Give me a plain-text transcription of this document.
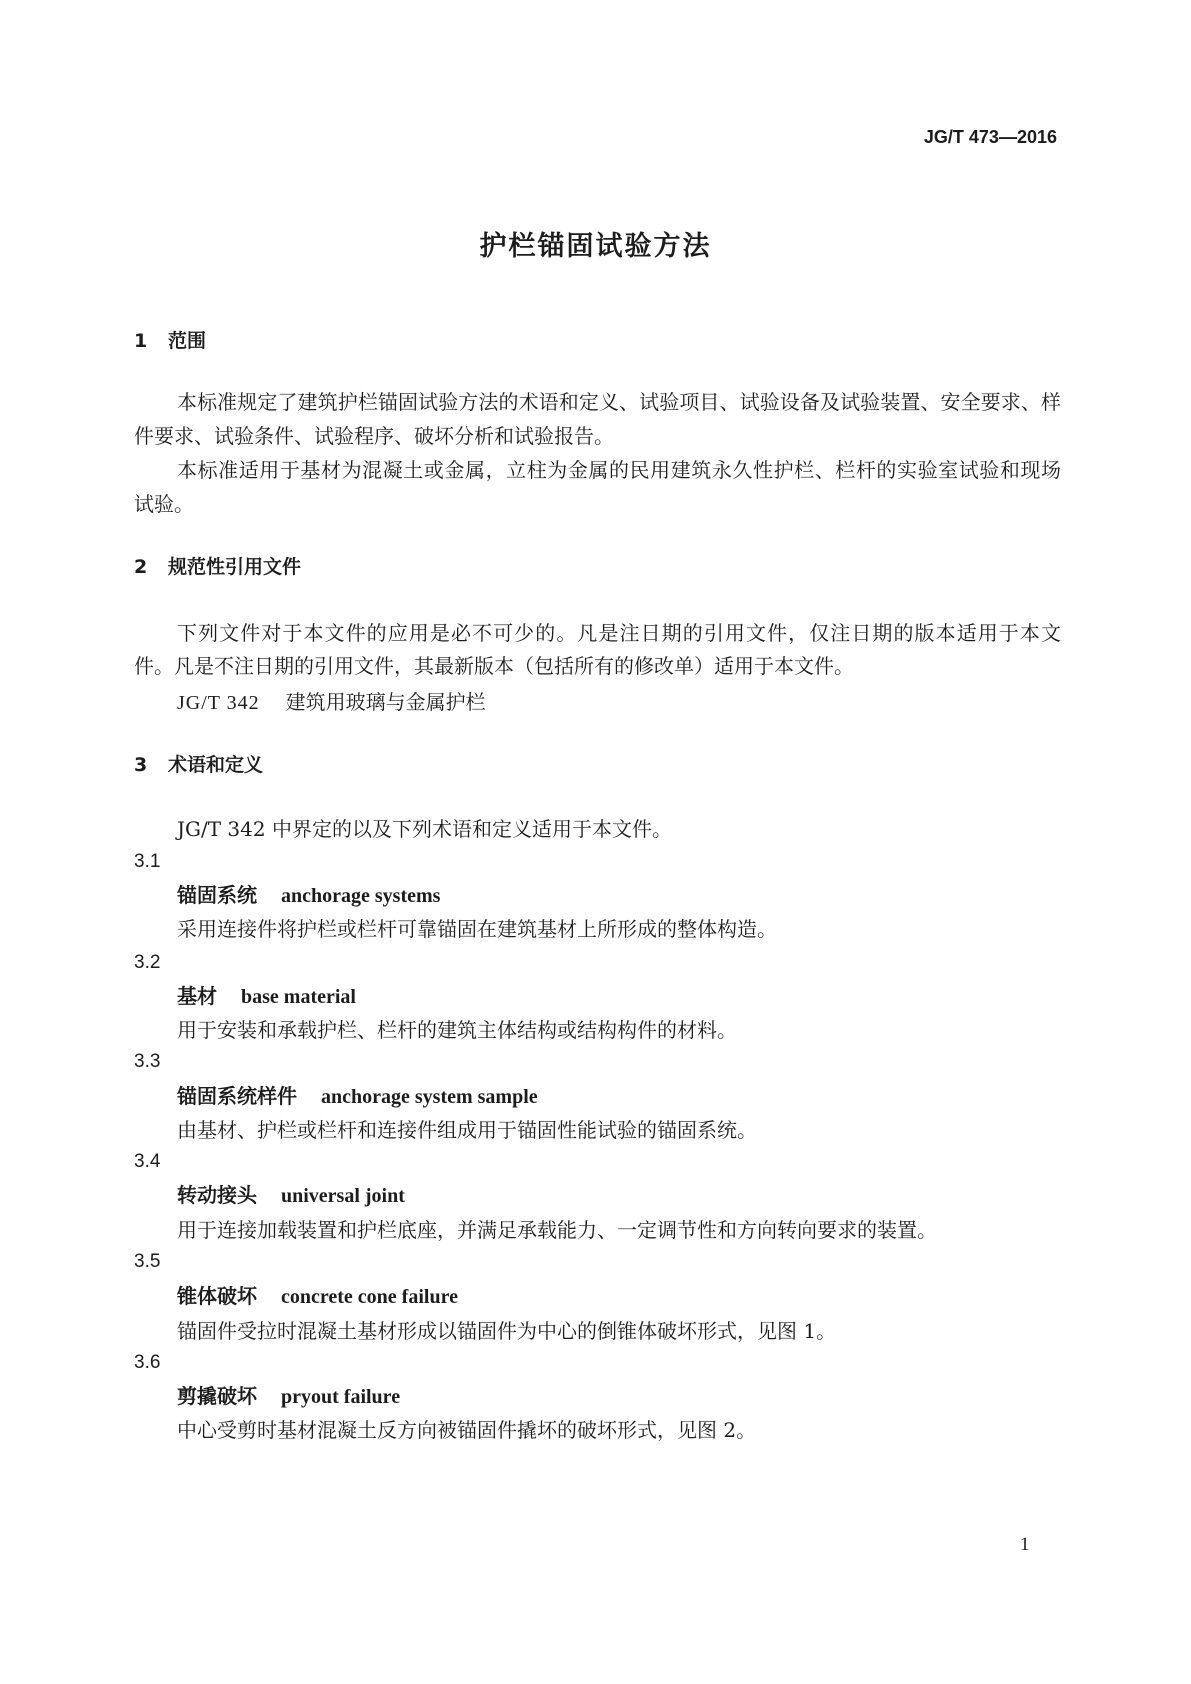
JG/T 473—2016
护栏锚固试验方法
1 范围
本标准规定了建筑护栏锚固试验方法的术语和定义、试验项目、试验设备及试验装置、安全要求、样
件要求、试验条件、试验程序、破坏分析和试验报告。
本标准适用于基材为混凝土或金属，立柱为金属的民用建筑永久性护栏、栏杆的实验室试验和现场
试验。
2 规范性引用文件
下列文件对于本文件的应用是必不可少的。凡是注日期的引用文件，仅注日期的版本适用于本文
件。凡是不注日期的引用文件，其最新版本（包括所有的修改单）适用于本文件。
JG/T 342 建筑用玻璃与金属护栏
3 术语和定义
JG/T 342 中界定的以及下列术语和定义适用于本文件。
3.1
锚固系统 anchorage systems
采用连接件将护栏或栏杆可靠锚固在建筑基材上所形成的整体构造。
3.2
基材 base material
用于安装和承载护栏、栏杆的建筑主体结构或结构构件的材料。
3.3
锚固系统样件 anchorage system sample
由基材、护栏或栏杆和连接件组成用于锚固性能试验的锚固系统。
3.4
转动接头 universal joint
用于连接加载装置和护栏底座，并满足承载能力、一定调节性和方向转向要求的装置。
3.5
锥体破坏 concrete cone failure
锚固件受拉时混凝土基材形成以锚固件为中心的倒锥体破坏形式，见图 1。
3.6
剪撬破坏 pryout failure
中心受剪时基材混凝土反方向被锚固件撬坏的破坏形式，见图 2。
1
